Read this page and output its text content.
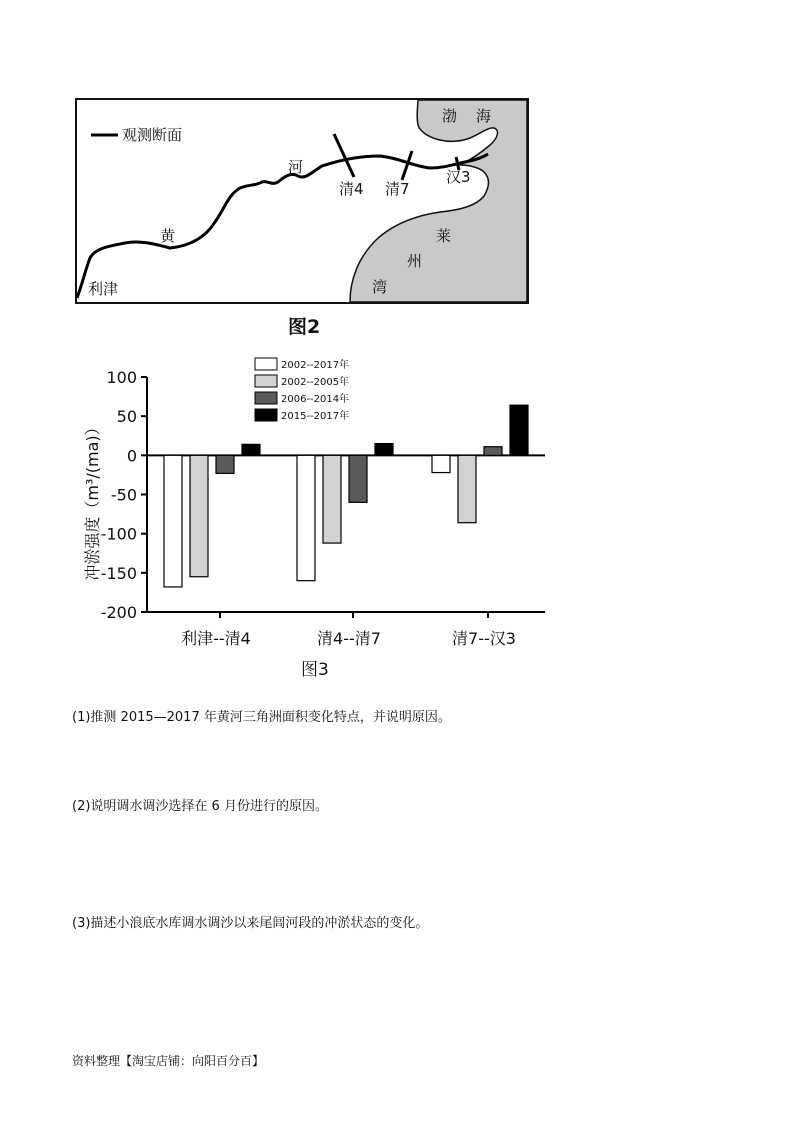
观测断面
渤 海
河
黄
利津
清4 清7
汉3
莱
州
湾
图2
2002--2017年
2002--2005年
2006--2014年
2015--2017年
100
50
0
-50
-100
-150
-200
利津--清4	清4--清7	清7--汉3
冲淤强度（m³/(ma)）
图3
(1)推测 2015—2017 年黄河三角洲面积变化特点，并说明原因。
(2)说明调水调沙选择在 6 月份进行的原因。
(3)描述小浪底水库调水调沙以来尾闾河段的冲淤状态的变化。
资料整理【淘宝店铺：向阳百分百】
